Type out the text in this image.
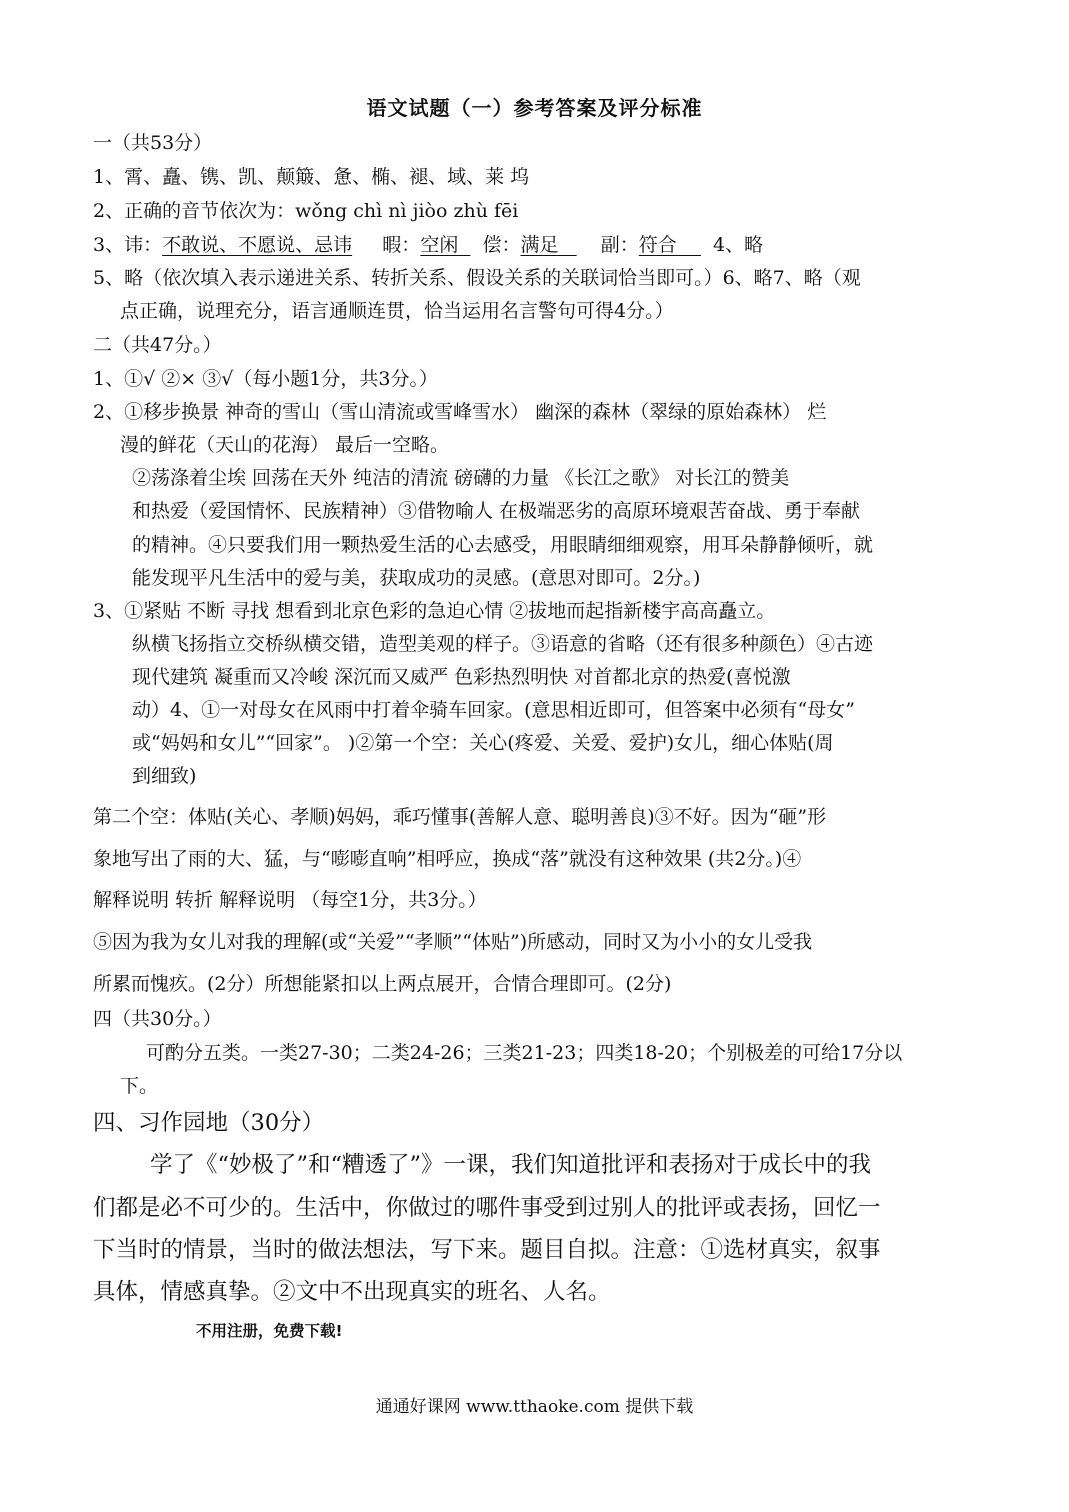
语文试题（一）参考答案及评分标准
一（共53分）
1、霄、矗、镌、凯、颠簸、惫、椭、褪、域、莱 坞
2、正确的音节依次为：wǒng chì nì jiòo zhù fēi
3、讳：不敢说、不愿说、忌讳     暇：空闲    偿：满足       副：符合      4、略
5、略（依次填入表示递进关系、转折关系、假设关系的关联词恰当即可。）6、略7、略（观
点正确，说理充分，语言通顺连贯，恰当运用名言警句可得4分。）
二（共47分。）
1、①√ ②× ③√（每小题1分，共3分。）
2、①移步换景 神奇的雪山（雪山清流或雪峰雪水） 幽深的森林（翠绿的原始森林） 烂
漫的鲜花（天山的花海） 最后一空略。
②荡涤着尘埃 回荡在天外 纯洁的清流 磅礴的力量 《长江之歌》 对长江的赞美
和热爱（爱国情怀、民族精神）③借物喻人 在极端恶劣的高原环境艰苦奋战、勇于奉献
的精神。④只要我们用一颗热爱生活的心去感受，用眼睛细细观察，用耳朵静静倾听，就
能发现平凡生活中的爱与美，获取成功的灵感。(意思对即可。2分。)
3、①紧贴 不断 寻找 想看到北京色彩的急迫心情 ②拔地而起指新楼宇高高矗立。
纵横飞扬指立交桥纵横交错，造型美观的样子。③语意的省略（还有很多种颜色）④古迹
现代建筑 凝重而又冷峻 深沉而又威严 色彩热烈明快 对首都北京的热爱(喜悦激
动）4、①一对母女在风雨中打着伞骑车回家。(意思相近即可，但答案中必须有“母女”
或“妈妈和女儿”“回家”。 )②第一个空：关心(疼爱、关爱、爱护)女儿，细心体贴(周
到细致)
第二个空：体贴(关心、孝顺)妈妈，乖巧懂事(善解人意、聪明善良)③不好。因为“砸”形
象地写出了雨的大、猛，与“嘭嘭直响”相呼应，换成“落”就没有这种效果 (共2分。)④
解释说明 转折 解释说明 （每空1分，共3分。）
⑤因为我为女儿对我的理解(或“关爱”“孝顺”“体贴”)所感动，同时又为小小的女儿受我
所累而愧疚。(2分）所想能紧扣以上两点展开，合情合理即可。(2分)
四（共30分。）
可酌分五类。一类27-30；二类24-26；三类21-23；四类18-20；个别极差的可给17分以
下。
四、习作园地（30分）
学了《“妙极了”和“糟透了”》一课，我们知道批评和表扬对于成长中的我
们都是必不可少的。生活中，你做过的哪件事受到过别人的批评或表扬，回忆一
下当时的情景，当时的做法想法，写下来。题目自拟。注意：①选材真实，叙事
具体，情感真挚。②文中不出现真实的班名、人名。
不用注册，免费下载!
通通好课网 www.tthaoke.com 提供下载
